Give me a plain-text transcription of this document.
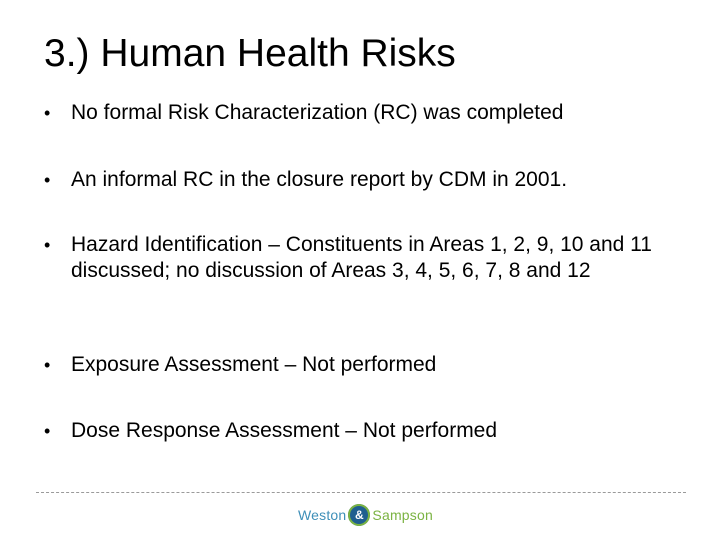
3.) Human Health Risks
• No formal Risk Characterization (RC) was completed
• An informal RC in the closure report by CDM in 2001.
• Hazard Identification – Constituents in Areas 1, 2, 9, 10 and 11 discussed; no discussion of Areas 3, 4, 5, 6, 7, 8 and 12
• Exposure Assessment – Not performed
• Dose Response Assessment – Not performed
Weston & Sampson
